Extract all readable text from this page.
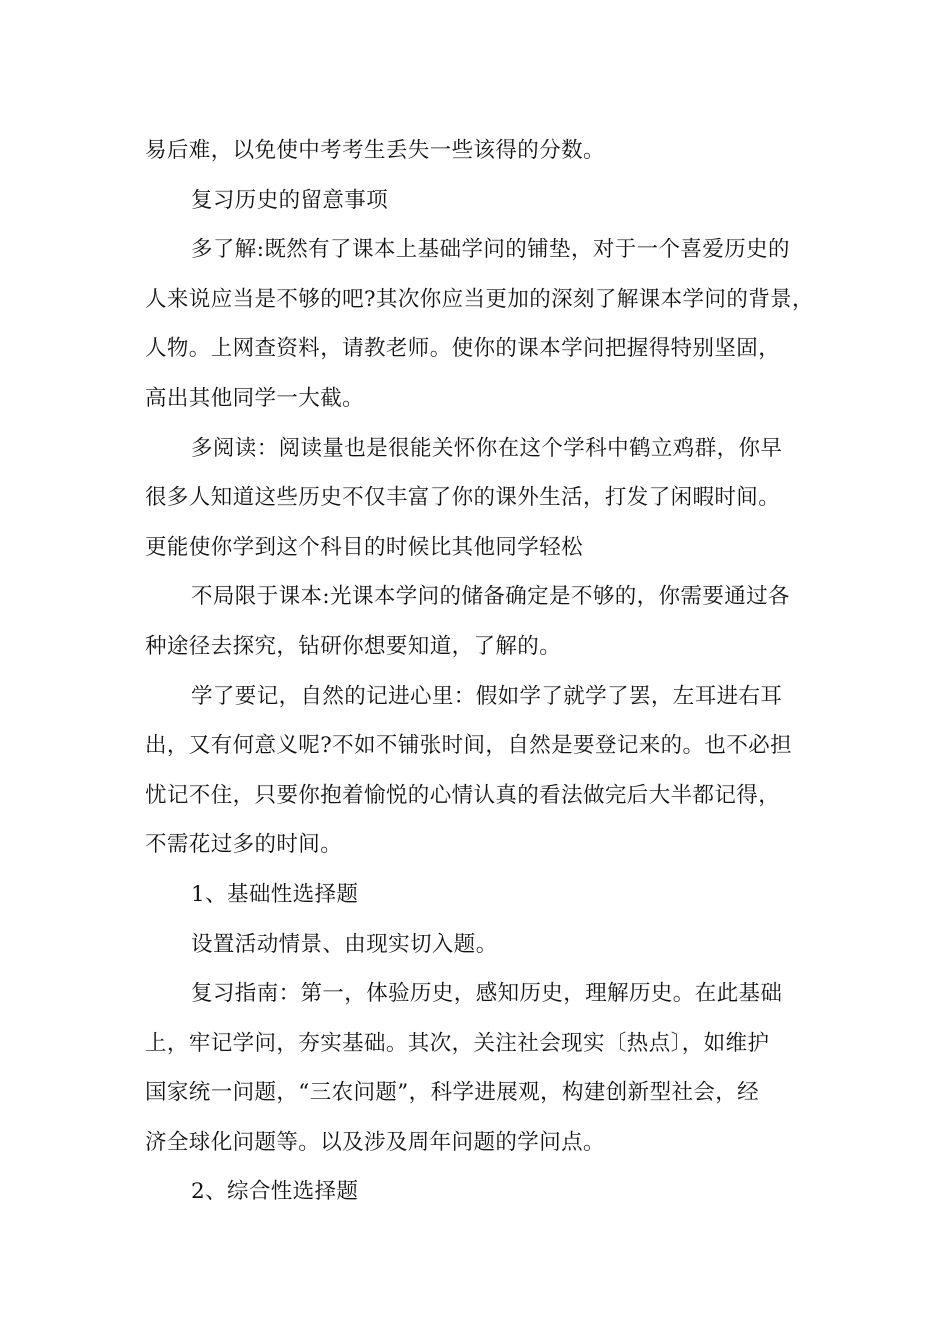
易后难，以免使中考考生丢失一些该得的分数。
复习历史的留意事项
多了解:既然有了课本上基础学问的铺垫，对于一个喜爱历史的
人来说应当是不够的吧?其次你应当更加的深刻了解课本学问的背景，
人物。上网查资料，请教老师。使你的课本学问把握得特别坚固，
高出其他同学一大截。
多阅读：阅读量也是很能关怀你在这个学科中鹤立鸡群，你早
很多人知道这些历史不仅丰富了你的课外生活，打发了闲暇时间。
更能使你学到这个科目的时候比其他同学轻松
不局限于课本:光课本学问的储备确定是不够的，你需要通过各
种途径去探究，钻研你想要知道，了解的。
学了要记，自然的记进心里：假如学了就学了罢，左耳进右耳
出，又有何意义呢?不如不铺张时间，自然是要登记来的。也不必担
忧记不住，只要你抱着愉悦的心情认真的看法做完后大半都记得，
不需花过多的时间。
1、基础性选择题
设置活动情景、由现实切入题。
复习指南：第一，体验历史，感知历史，理解历史。在此基础
上，牢记学问，夯实基础。其次，关注社会现实〔热点〕，如维护
国家统一问题，“三农问题”，科学进展观，构建创新型社会，经
济全球化问题等。以及涉及周年问题的学问点。
2、综合性选择题
